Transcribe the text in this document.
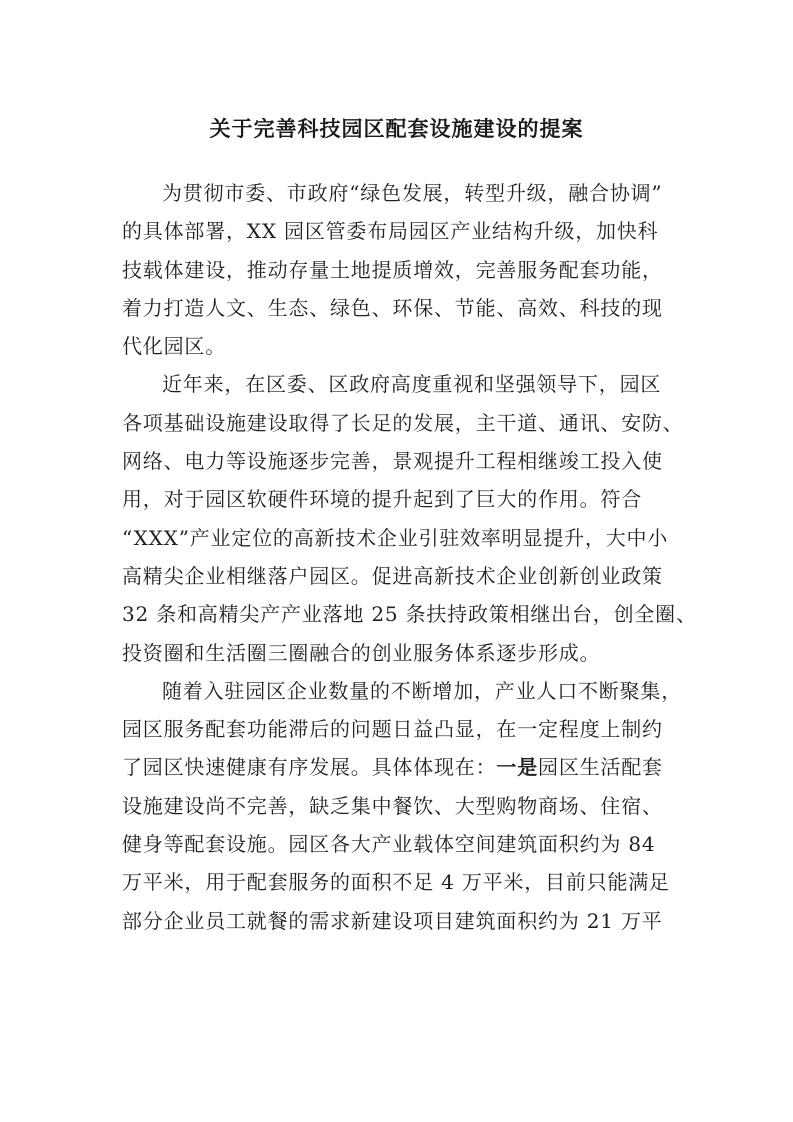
关于完善科技园区配套设施建设的提案
为贯彻市委、市政府“绿色发展，转型升级，融合协调”
的具体部署，XX 园区管委布局园区产业结构升级，加快科
技载体建设，推动存量土地提质增效，完善服务配套功能，
着力打造人文、生态、绿色、环保、节能、高效、科技的现
代化园区。
近年来，在区委、区政府高度重视和坚强领导下，园区
各项基础设施建设取得了长足的发展，主干道、通讯、安防、
网络、电力等设施逐步完善，景观提升工程相继竣工投入使
用，对于园区软硬件环境的提升起到了巨大的作用。符合
“XXX”产业定位的高新技术企业引驻效率明显提升，大中小
高精尖企业相继落户园区。促进高新技术企业创新创业政策
32 条和高精尖产产业落地 25 条扶持政策相继出台，创全圈、
投资圈和生活圈三圈融合的创业服务体系逐步形成。
随着入驻园区企业数量的不断增加，产业人口不断聚集，
园区服务配套功能滞后的问题日益凸显，在一定程度上制约
了园区快速健康有序发展。具体体现在：一是园区生活配套
设施建设尚不完善，缺乏集中餐饮、大型购物商场、住宿、
健身等配套设施。园区各大产业载体空间建筑面积约为 84
万平米，用于配套服务的面积不足 4 万平米，目前只能满足
部分企业员工就餐的需求新建设项目建筑面积约为 21 万平
